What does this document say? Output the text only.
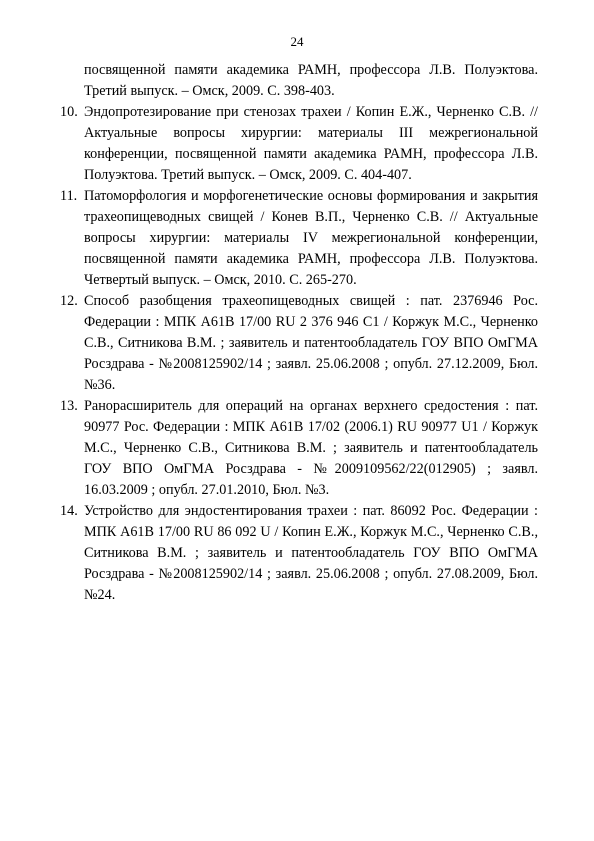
24
посвященной памяти академика РАМН, профессора Л.В. Полуэктова. Третий выпуск. – Омск, 2009. С. 398-403.
10. Эндопротезирование при стенозах трахеи / Копин Е.Ж., Черненко С.В. // Актуальные вопросы хирургии: материалы III межрегиональной конференции, посвященной памяти академика РАМН, профессора Л.В. Полуэктова. Третий выпуск. – Омск, 2009. С. 404-407.
11. Патоморфология и морфогенетические основы формирования и закрытия трахеопищеводных свищей / Конев В.П., Черненко С.В. // Актуальные вопросы хирургии: материалы IV межрегиональной конференции, посвященной памяти академика РАМН, профессора Л.В. Полуэктова. Четвертый выпуск. – Омск, 2010. С. 265-270.
12. Способ разобщения трахеопищеводных свищей : пат. 2376946 Рос. Федерации : МПК A61B 17/00 RU 2 376 946 C1 / Коржук М.С., Черненко С.В., Ситникова В.М. ; заявитель и патентообладатель ГОУ ВПО ОмГМА Росздрава - №2008125902/14 ; заявл. 25.06.2008 ; опубл. 27.12.2009, Бюл. №36.
13. Ранорасширитель для операций на органах верхнего средостения : пат. 90977 Рос. Федерации : МПК A61B 17/02 (2006.1) RU 90977 U1 / Коржук М.С., Черненко С.В., Ситникова В.М. ; заявитель и патентообладатель ГОУ ВПО ОмГМА Росздрава - №2009109562/22(012905) ; заявл. 16.03.2009 ; опубл. 27.01.2010, Бюл. №3.
14. Устройство для эндостентирования трахеи : пат. 86092 Рос. Федерации : МПК A61B 17/00 RU 86 092 U / Копин Е.Ж., Коржук М.С., Черненко С.В., Ситникова В.М. ; заявитель и патентообладатель ГОУ ВПО ОмГМА Росздрава - №2008125902/14 ; заявл. 25.06.2008 ; опубл. 27.08.2009, Бюл. №24.
